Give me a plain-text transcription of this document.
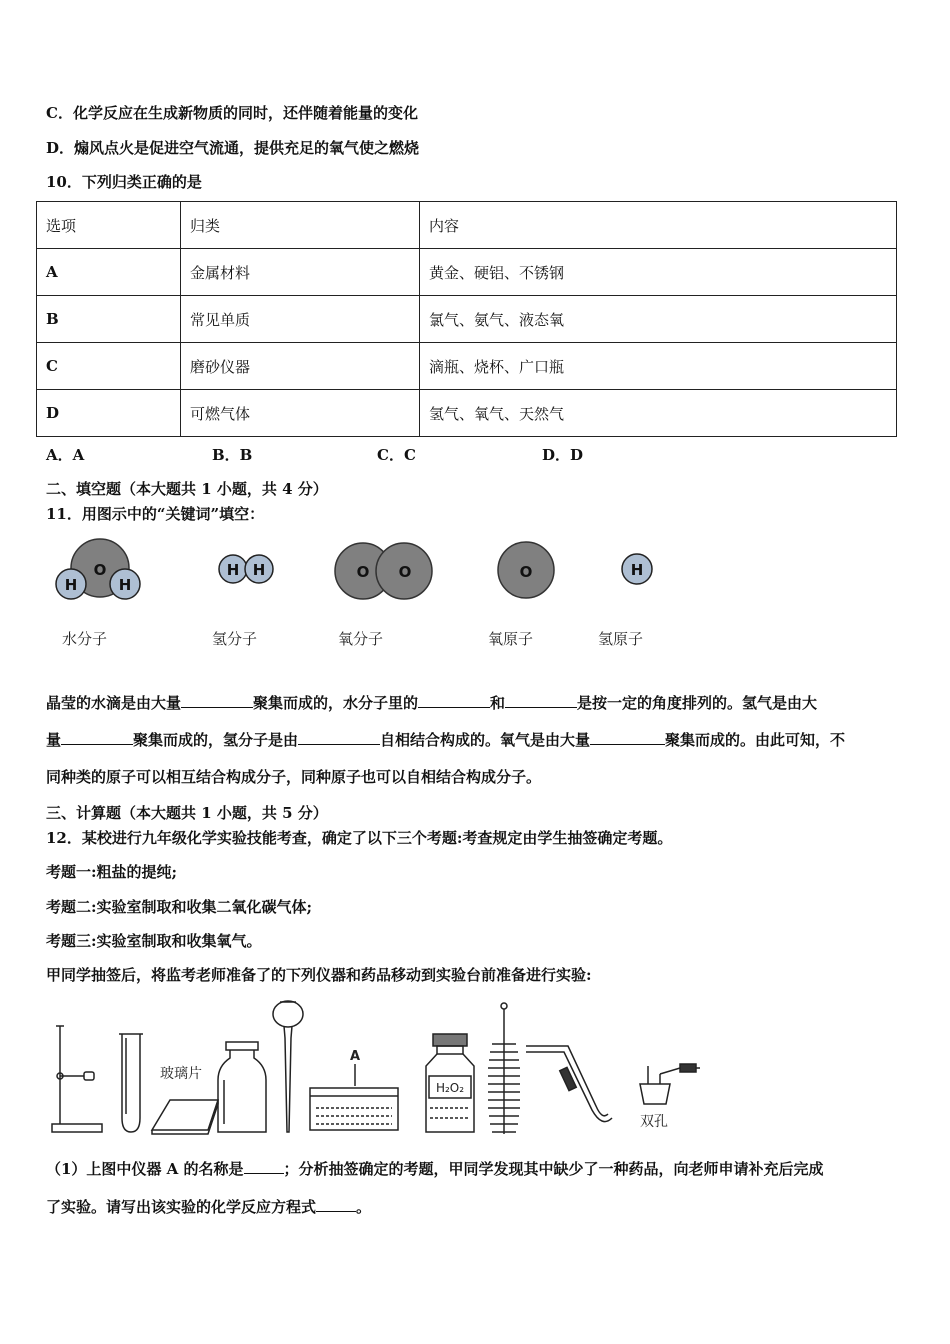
C．化学反应在生成新物质的同时，还伴随着能量的变化
D．煽风点火是促进空气流通，提供充足的氧气使之燃烧
10．下列归类正确的是
选项	归类	内容
A	金属材料	黄金、硬铝、不锈钢
B	常见单质	氯气、氨气、液态氧
C	磨砂仪器	滴瓶、烧杯、广口瓶
D	可燃气体	氢气、氧气、天然气
A．A	B．B	C．C	D．D
二、填空题（本大题共 1 小题，共 4 分）
11．用图示中的“关键词”填空：
O
H	H
H H	O O	O	H
水分子	氢分子	氧分子	氧原子	氢原子
晶莹的水滴是由大量	聚集而成的，水分子里的	和	是按一定的角度排列的。氢气是由大
量	聚集而成的，氢分子是由	自相结合构成的。氧气是由大量	聚集而成的。由此可知，不
同种类的原子可以相互结合构成分子，同种原子也可以自相结合构成分子。
三、计算题（本大题共 1 小题，共 5 分）
12．某校进行九年级化学实验技能考查，确定了以下三个考题:考查规定由学生抽签确定考题。
考题一:粗盐的提纯;
考题二:实验室制取和收集二氧化碳气体;
考题三:实验室制取和收集氧气。
甲同学抽签后，将监考老师准备了的下列仪器和药品移动到实验台前准备进行实验:
玻璃片
A
H₂O₂
双孔
（1）上图中仪器 A 的名称是	；分析抽签确定的考题，甲同学发现其中缺少了一种药品，向老师申请补充后完成
了实验。请写出该实验的化学反应方程式	。
